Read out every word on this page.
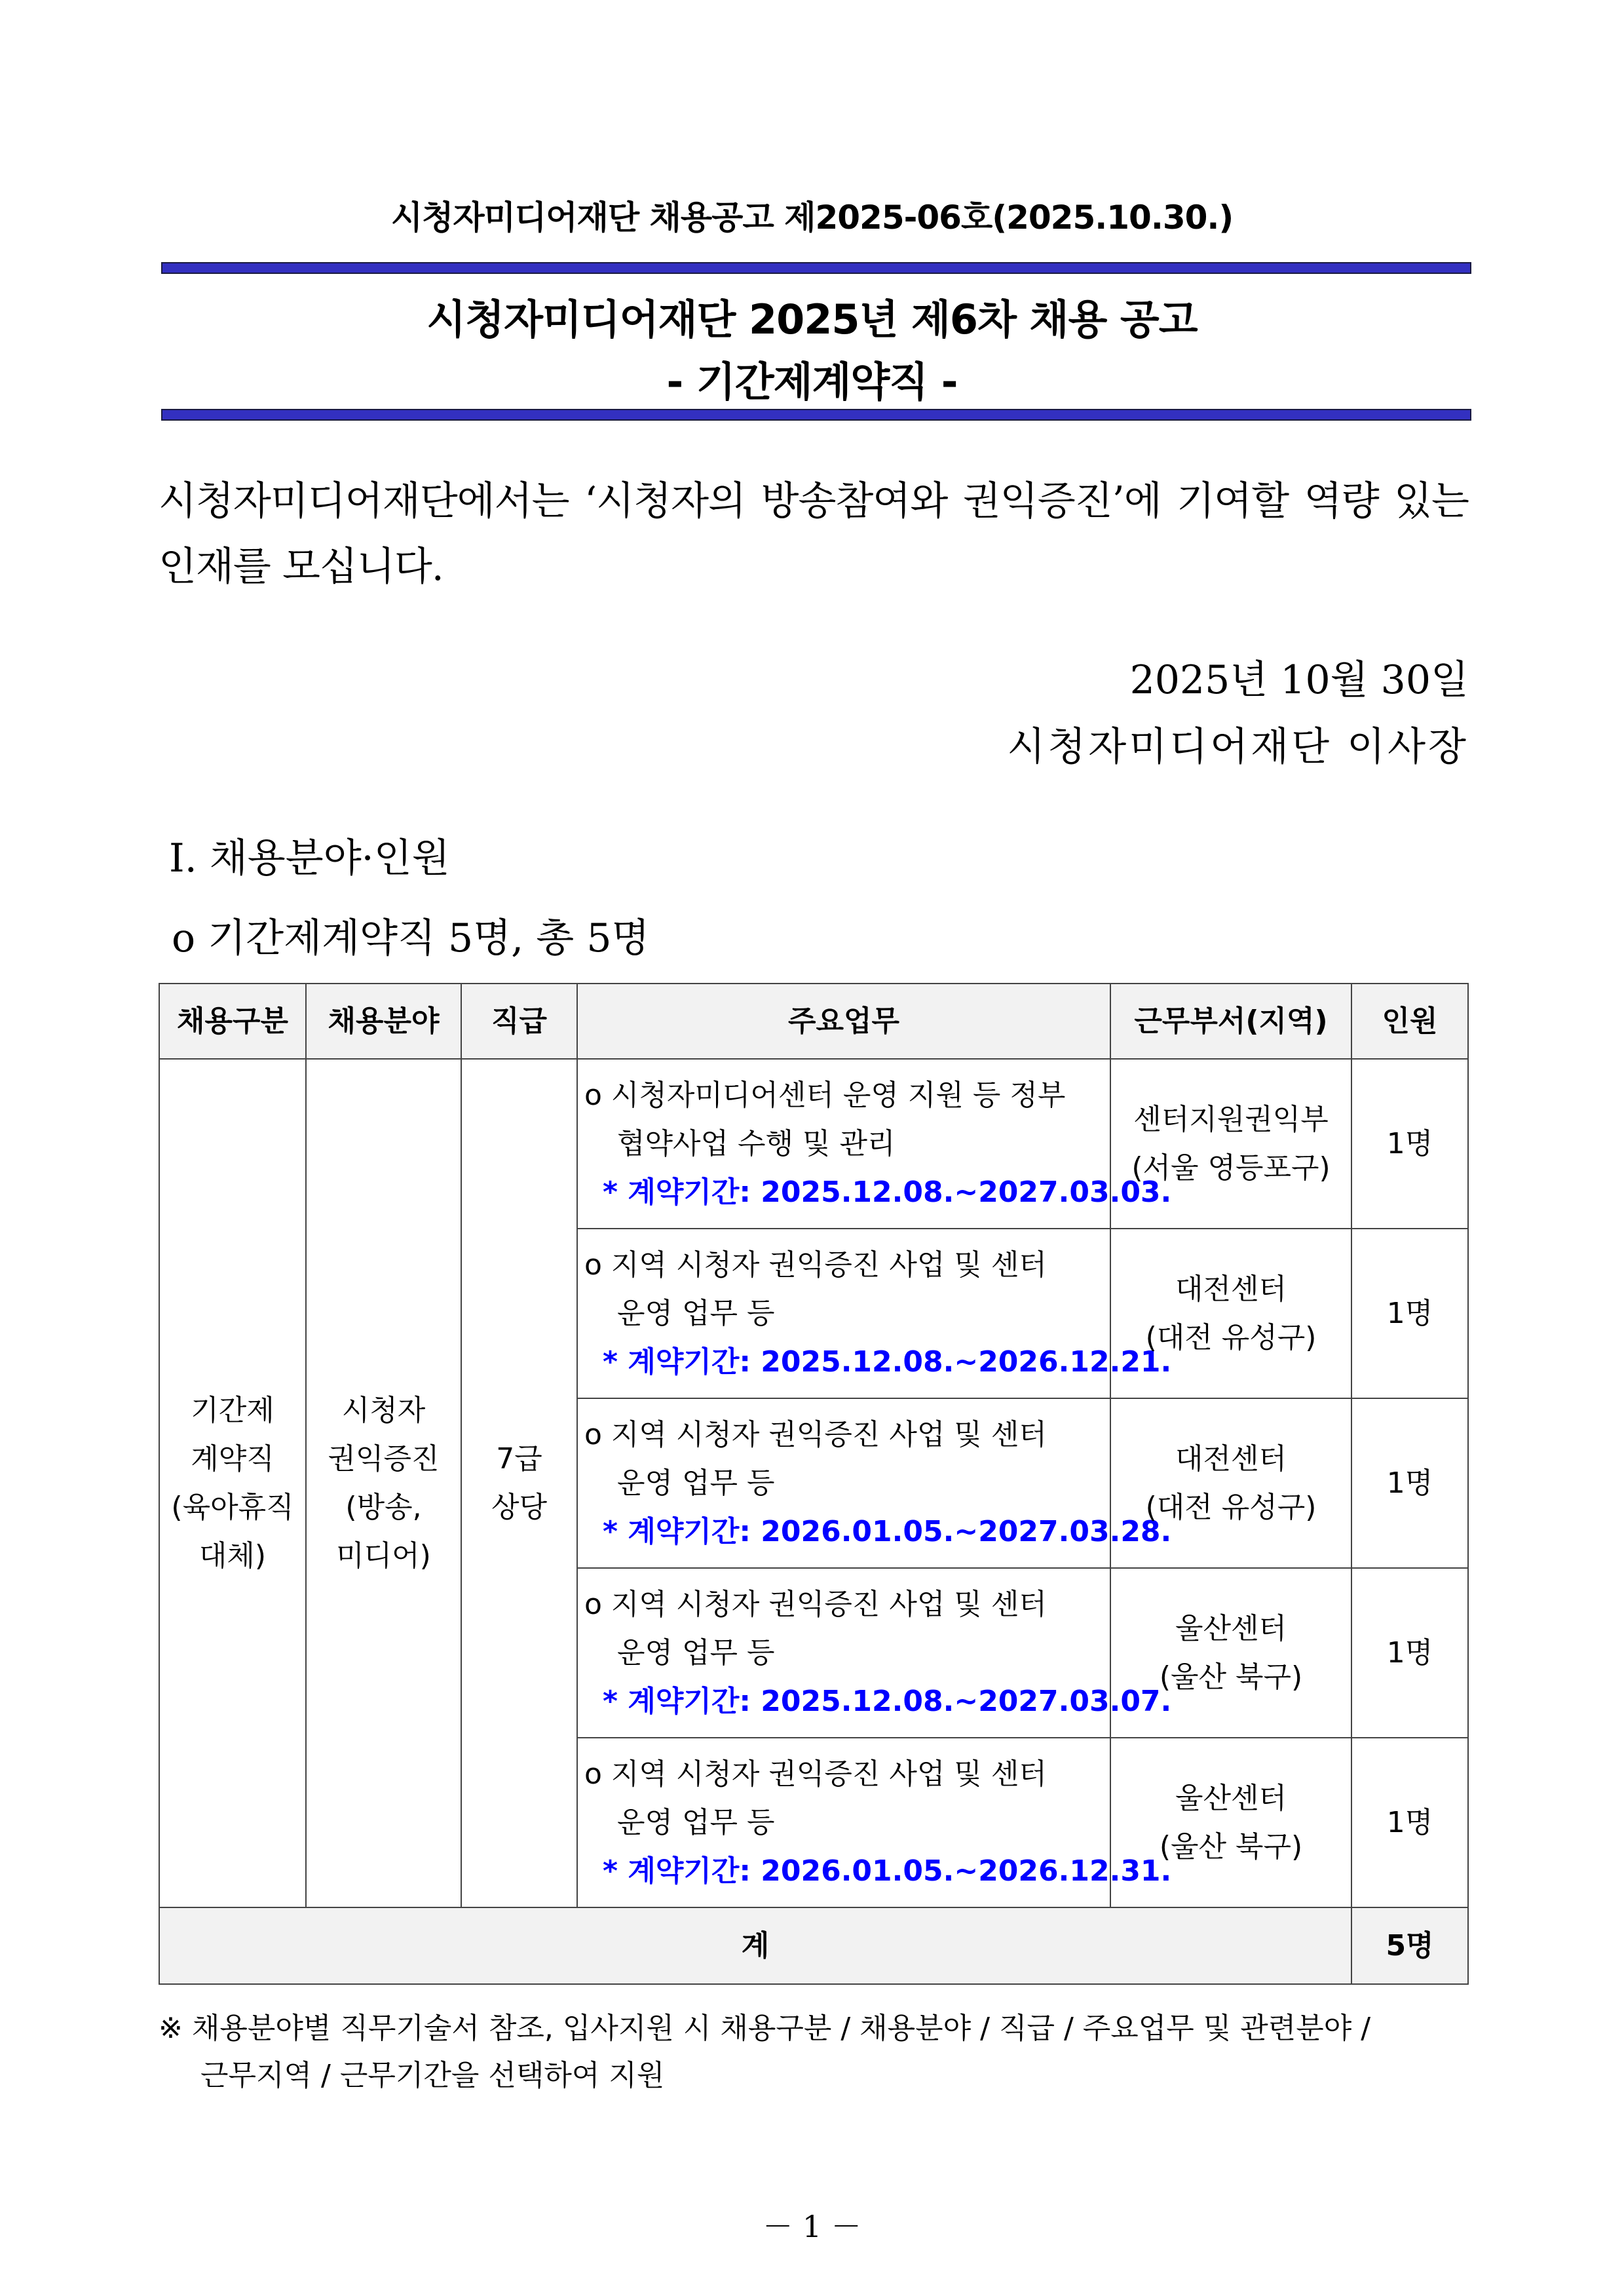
시청자미디어재단 채용공고 제2025-06호(2025.10.30.)
시청자미디어재단 2025년 제6차 채용 공고
- 기간제계약직 -
시청자미디어재단에서는 ‘시청자의 방송참여와 권익증진’에 기여할 역량 있는 인재를 모십니다.
2025년 10월 30일
시청자미디어재단 이사장
Ⅰ. 채용분야·인원
o 기간제계약직 5명, 총 5명
채용구분	채용분야	직급	주요업무	근무부서(지역)	인원

기간제
계약직
(육아휴직
대체)	시청자
권익증진
(방송,
미디어)	7급
상당	o 시청자미디어센터 운영 지원 등 정부
협약사업 수행 및 관리
* 계약기간: 2025.12.08.~2027.03.03.	센터지원권익부
(서울 영등포구)	1명

			o 지역 시청자 권익증진 사업 및 센터
운영 업무 등
* 계약기간: 2025.12.08.~2026.12.21.	대전센터
(대전 유성구)	1명

			o 지역 시청자 권익증진 사업 및 센터
운영 업무 등
* 계약기간: 2026.01.05.~2027.03.28.	대전센터
(대전 유성구)	1명

			o 지역 시청자 권익증진 사업 및 센터
운영 업무 등
* 계약기간: 2025.12.08.~2027.03.07.	울산센터
(울산 북구)	1명

			o 지역 시청자 권익증진 사업 및 센터
운영 업무 등
* 계약기간: 2026.01.05.~2026.12.31.	울산센터
(울산 북구)	1명
계					5명
※ 채용분야별 직무기술서 참조, 입사지원 시 채용구분 / 채용분야 / 직급 / 주요업무 및 관련분야 /
근무지역 / 근무기간을 선택하여 지원
－ 1 －
